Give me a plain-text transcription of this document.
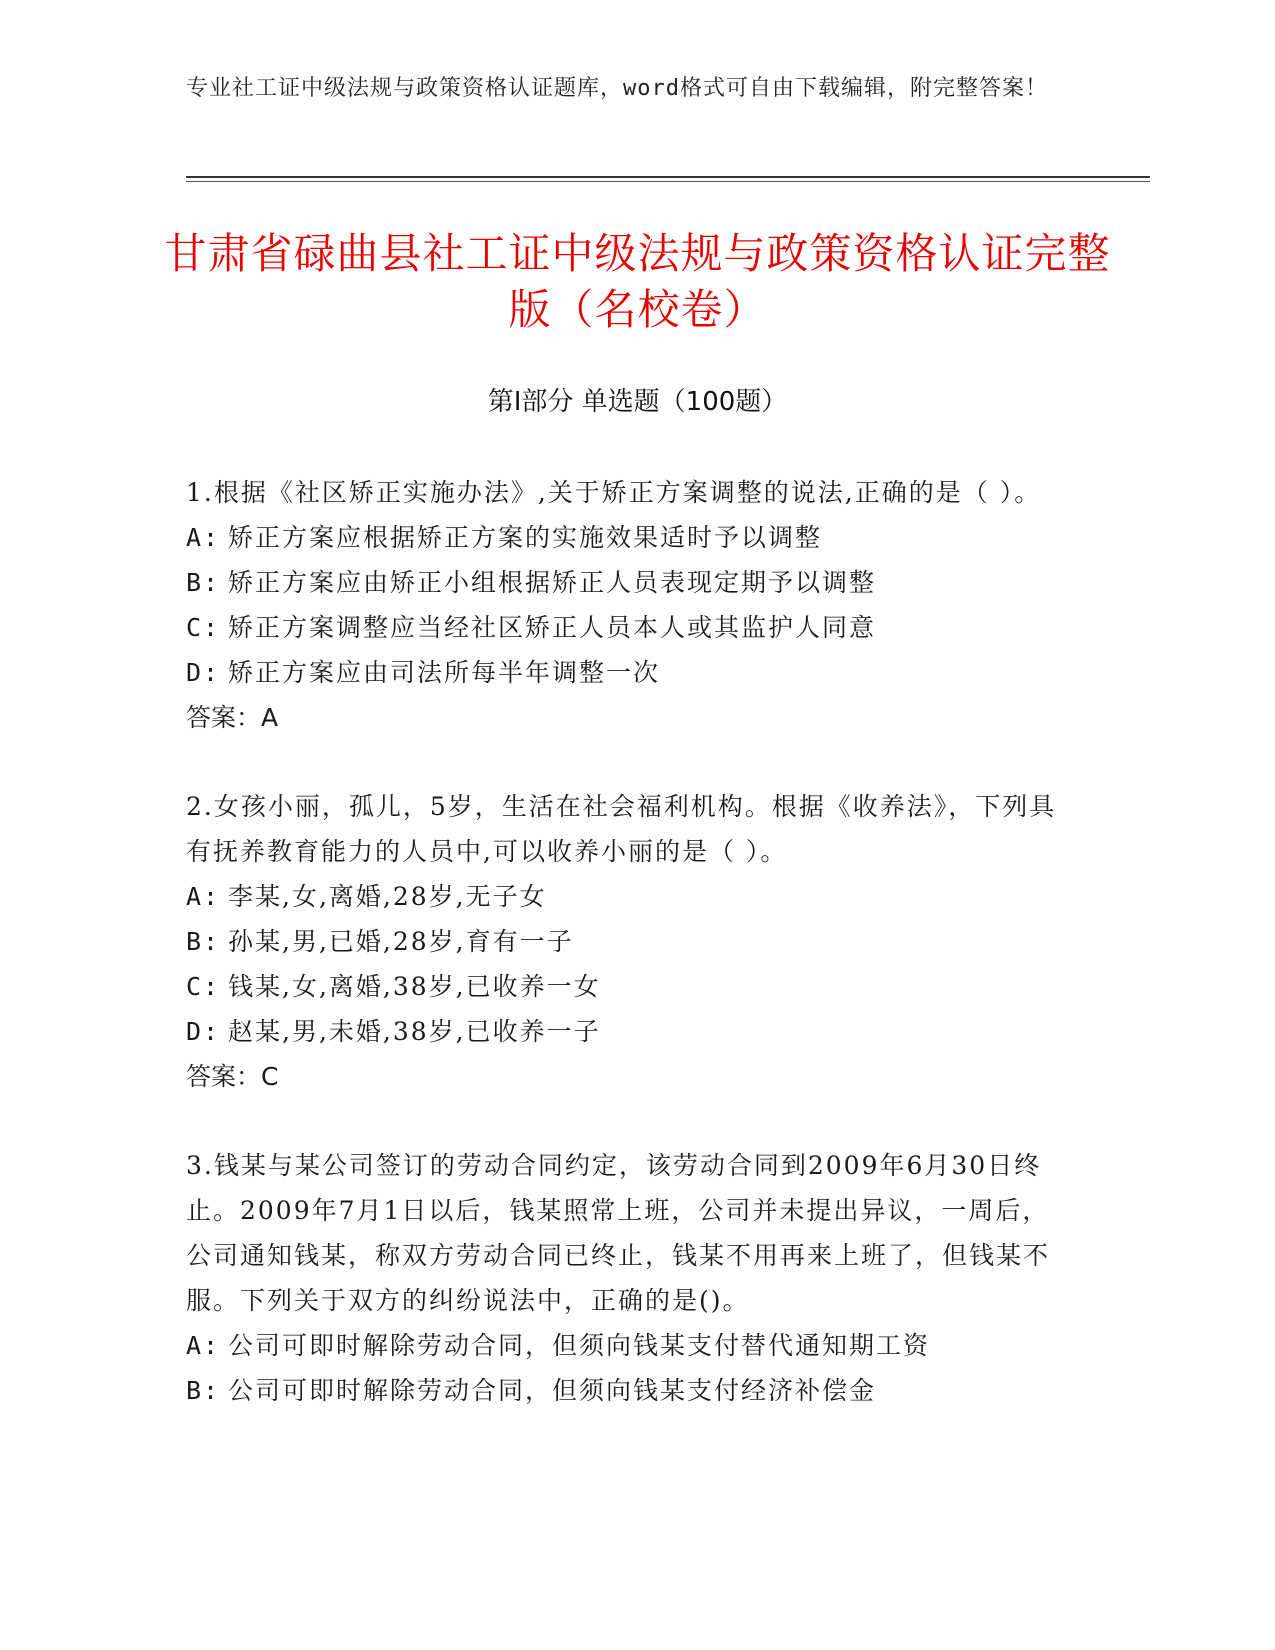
专业社工证中级法规与政策资格认证题库，word格式可自由下载编辑，附完整答案！
甘肃省碌曲县社工证中级法规与政策资格认证完整版（名校卷）
第Ⅰ部分 单选题（100题）

1.根据《社区矫正实施办法》,关于矫正方案调整的说法,正确的是（ ）。

A: 矫正方案应根据矫正方案的实施效果适时予以调整

B: 矫正方案应由矫正小组根据矫正人员表现定期予以调整

C: 矫正方案调整应当经社区矫正人员本人或其监护人同意

D: 矫正方案应由司法所每半年调整一次

答案：A

2.女孩小丽，孤儿，5岁，生活在社会福利机构。根据《收养法》，下列具有抚养教育能力的人员中,可以收养小丽的是（ ）。

A: 李某,女,离婚,28岁,无子女

B: 孙某,男,已婚,28岁,育有一子

C: 钱某,女,离婚,38岁,已收养一女

D: 赵某,男,未婚,38岁,已收养一子

答案：C

3.钱某与某公司签订的劳动合同约定，该劳动合同到2009年6月30日终止。2009年7月1日以后，钱某照常上班，公司并未提出异议，一周后，公司通知钱某，称双方劳动合同已终止，钱某不用再来上班了，但钱某不服。下列关于双方的纠纷说法中，正确的是()。

A: 公司可即时解除劳动合同，但须向钱某支付替代通知期工资

B: 公司可即时解除劳动合同，但须向钱某支付经济补偿金
